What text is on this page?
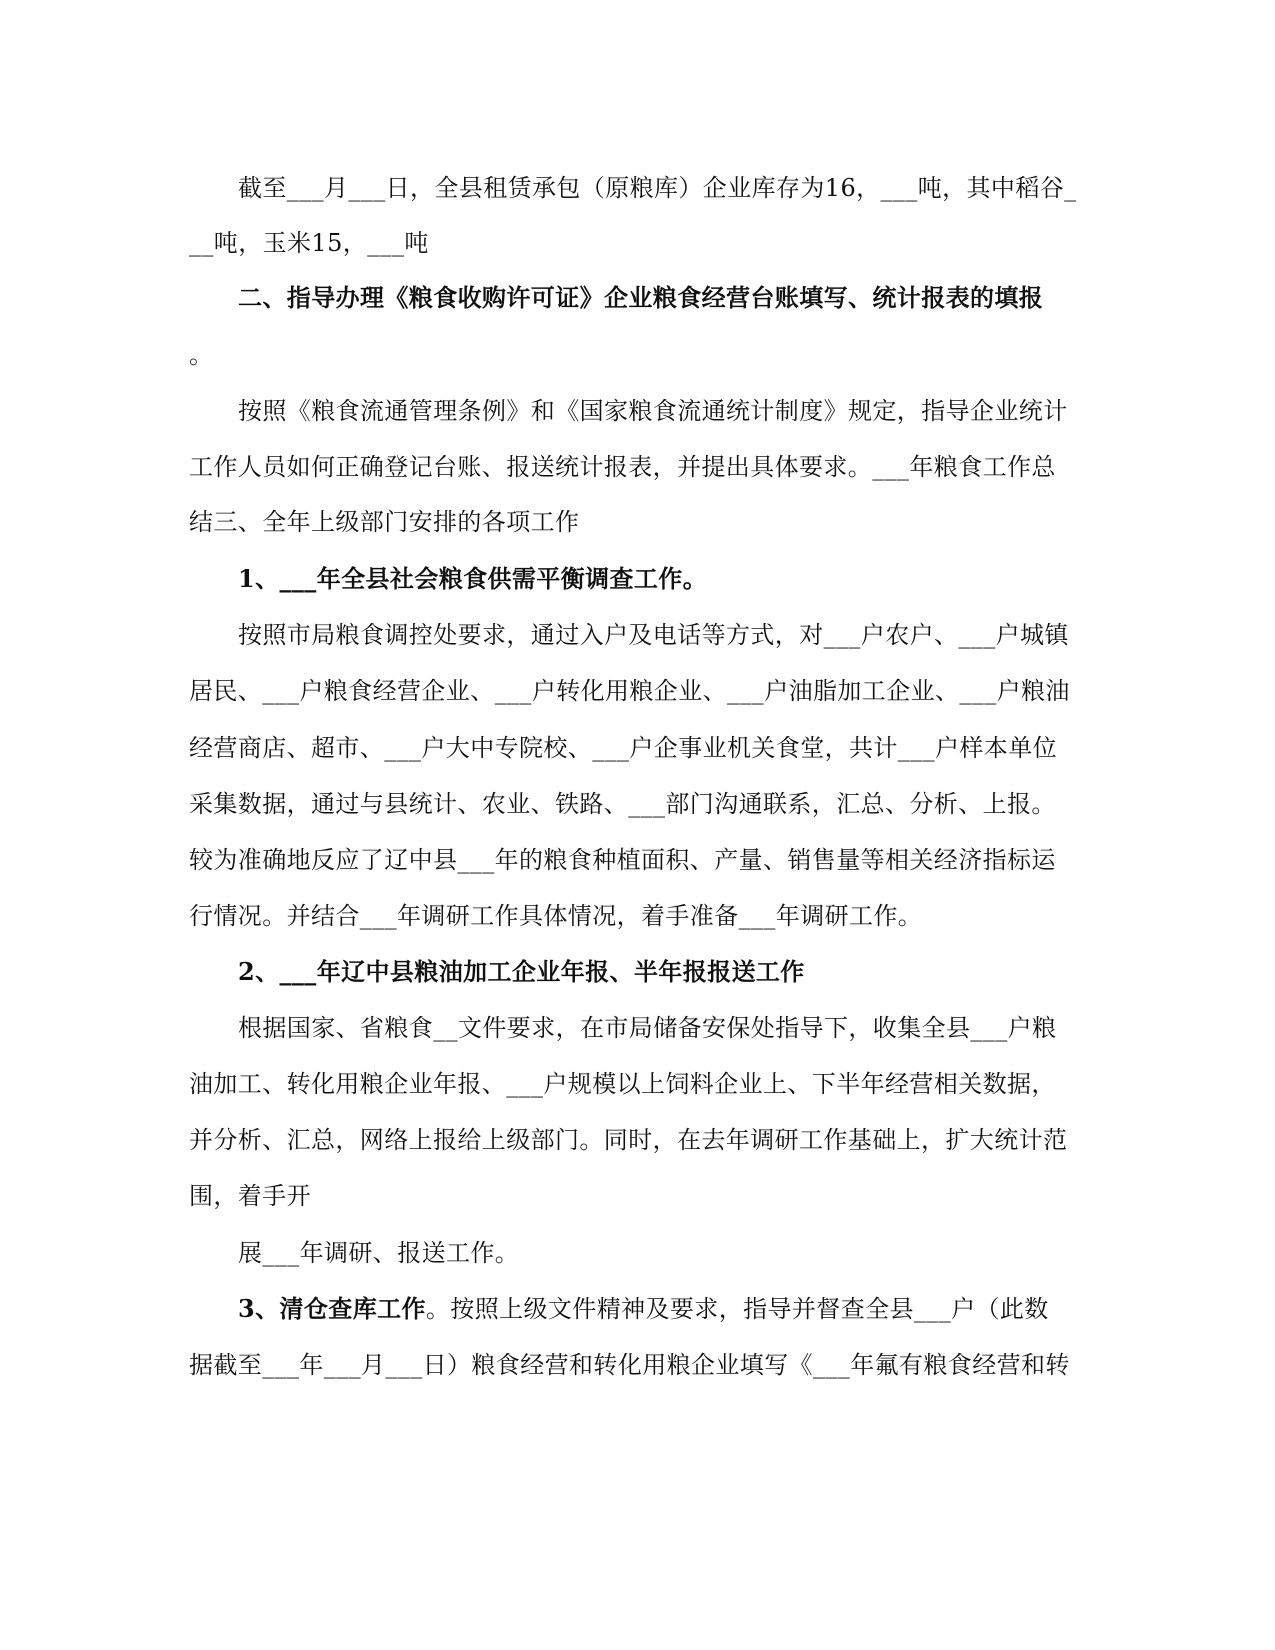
截至___月___日，全县租赁承包（原粮库）企业库存为16，___吨，其中稻谷_
__吨，玉米15，___吨
二、指导办理《粮食收购许可证》企业粮食经营台账填写、统计报表的填报
。
按照《粮食流通管理条例》和《国家粮食流通统计制度》规定，指导企业统计
工作人员如何正确登记台账、报送统计报表，并提出具体要求。___年粮食工作总
结三、全年上级部门安排的各项工作
1、___年全县社会粮食供需平衡调查工作。
按照市局粮食调控处要求，通过入户及电话等方式，对___户农户、___户城镇
居民、___户粮食经营企业、___户转化用粮企业、___户油脂加工企业、___户粮油
经营商店、超市、___户大中专院校、___户企事业机关食堂，共计___户样本单位
采集数据，通过与县统计、农业、铁路、___部门沟通联系，汇总、分析、上报。
较为准确地反应了辽中县___年的粮食种植面积、产量、销售量等相关经济指标运
行情况。并结合___年调研工作具体情况，着手准备___年调研工作。
2、___年辽中县粮油加工企业年报、半年报报送工作
根据国家、省粮食__文件要求，在市局储备安保处指导下，收集全县___户粮
油加工、转化用粮企业年报、___户规模以上饲料企业上、下半年经营相关数据，
并分析、汇总，网络上报给上级部门。同时，在去年调研工作基础上，扩大统计范
围，着手开
展___年调研、报送工作。
3、清仓查库工作。按照上级文件精神及要求，指导并督查全县___户（此数
据截至___年___月___日）粮食经营和转化用粮企业填写《___年氟有粮食经营和转
